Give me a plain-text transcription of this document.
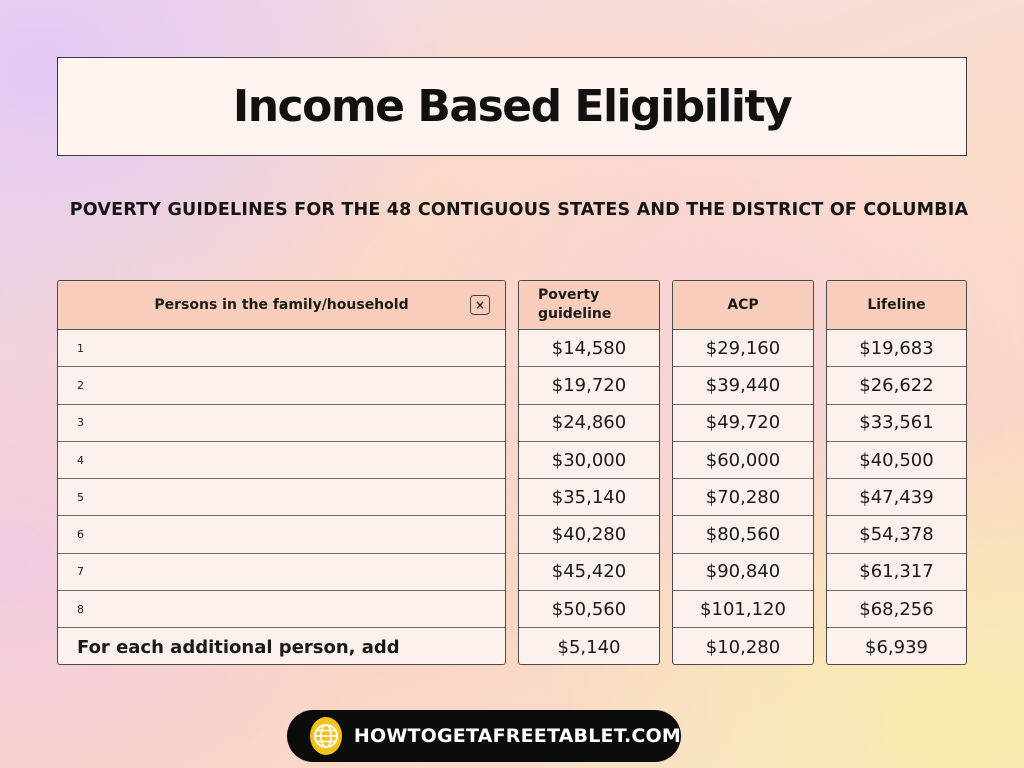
Income Based Eligibility
POVERTY GUIDELINES FOR THE 48 CONTIGUOUS STATES AND THE DISTRICT OF COLUMBIA
Persons in the family/household	×
1
2
3
4
5
6
7
8
For each additional person, add
Poverty guideline
$14,580
$19,720
$24,860
$30,000
$35,140
$40,280
$45,420
$50,560
$5,140
ACP
$29,160
$39,440
$49,720
$60,000
$70,280
$80,560
$90,840
$101,120
$10,280
Lifeline
$19,683
$26,622
$33,561
$40,500
$47,439
$54,378
$61,317
$68,256
$6,939
HOWTOGETAFREETABLET.COM
